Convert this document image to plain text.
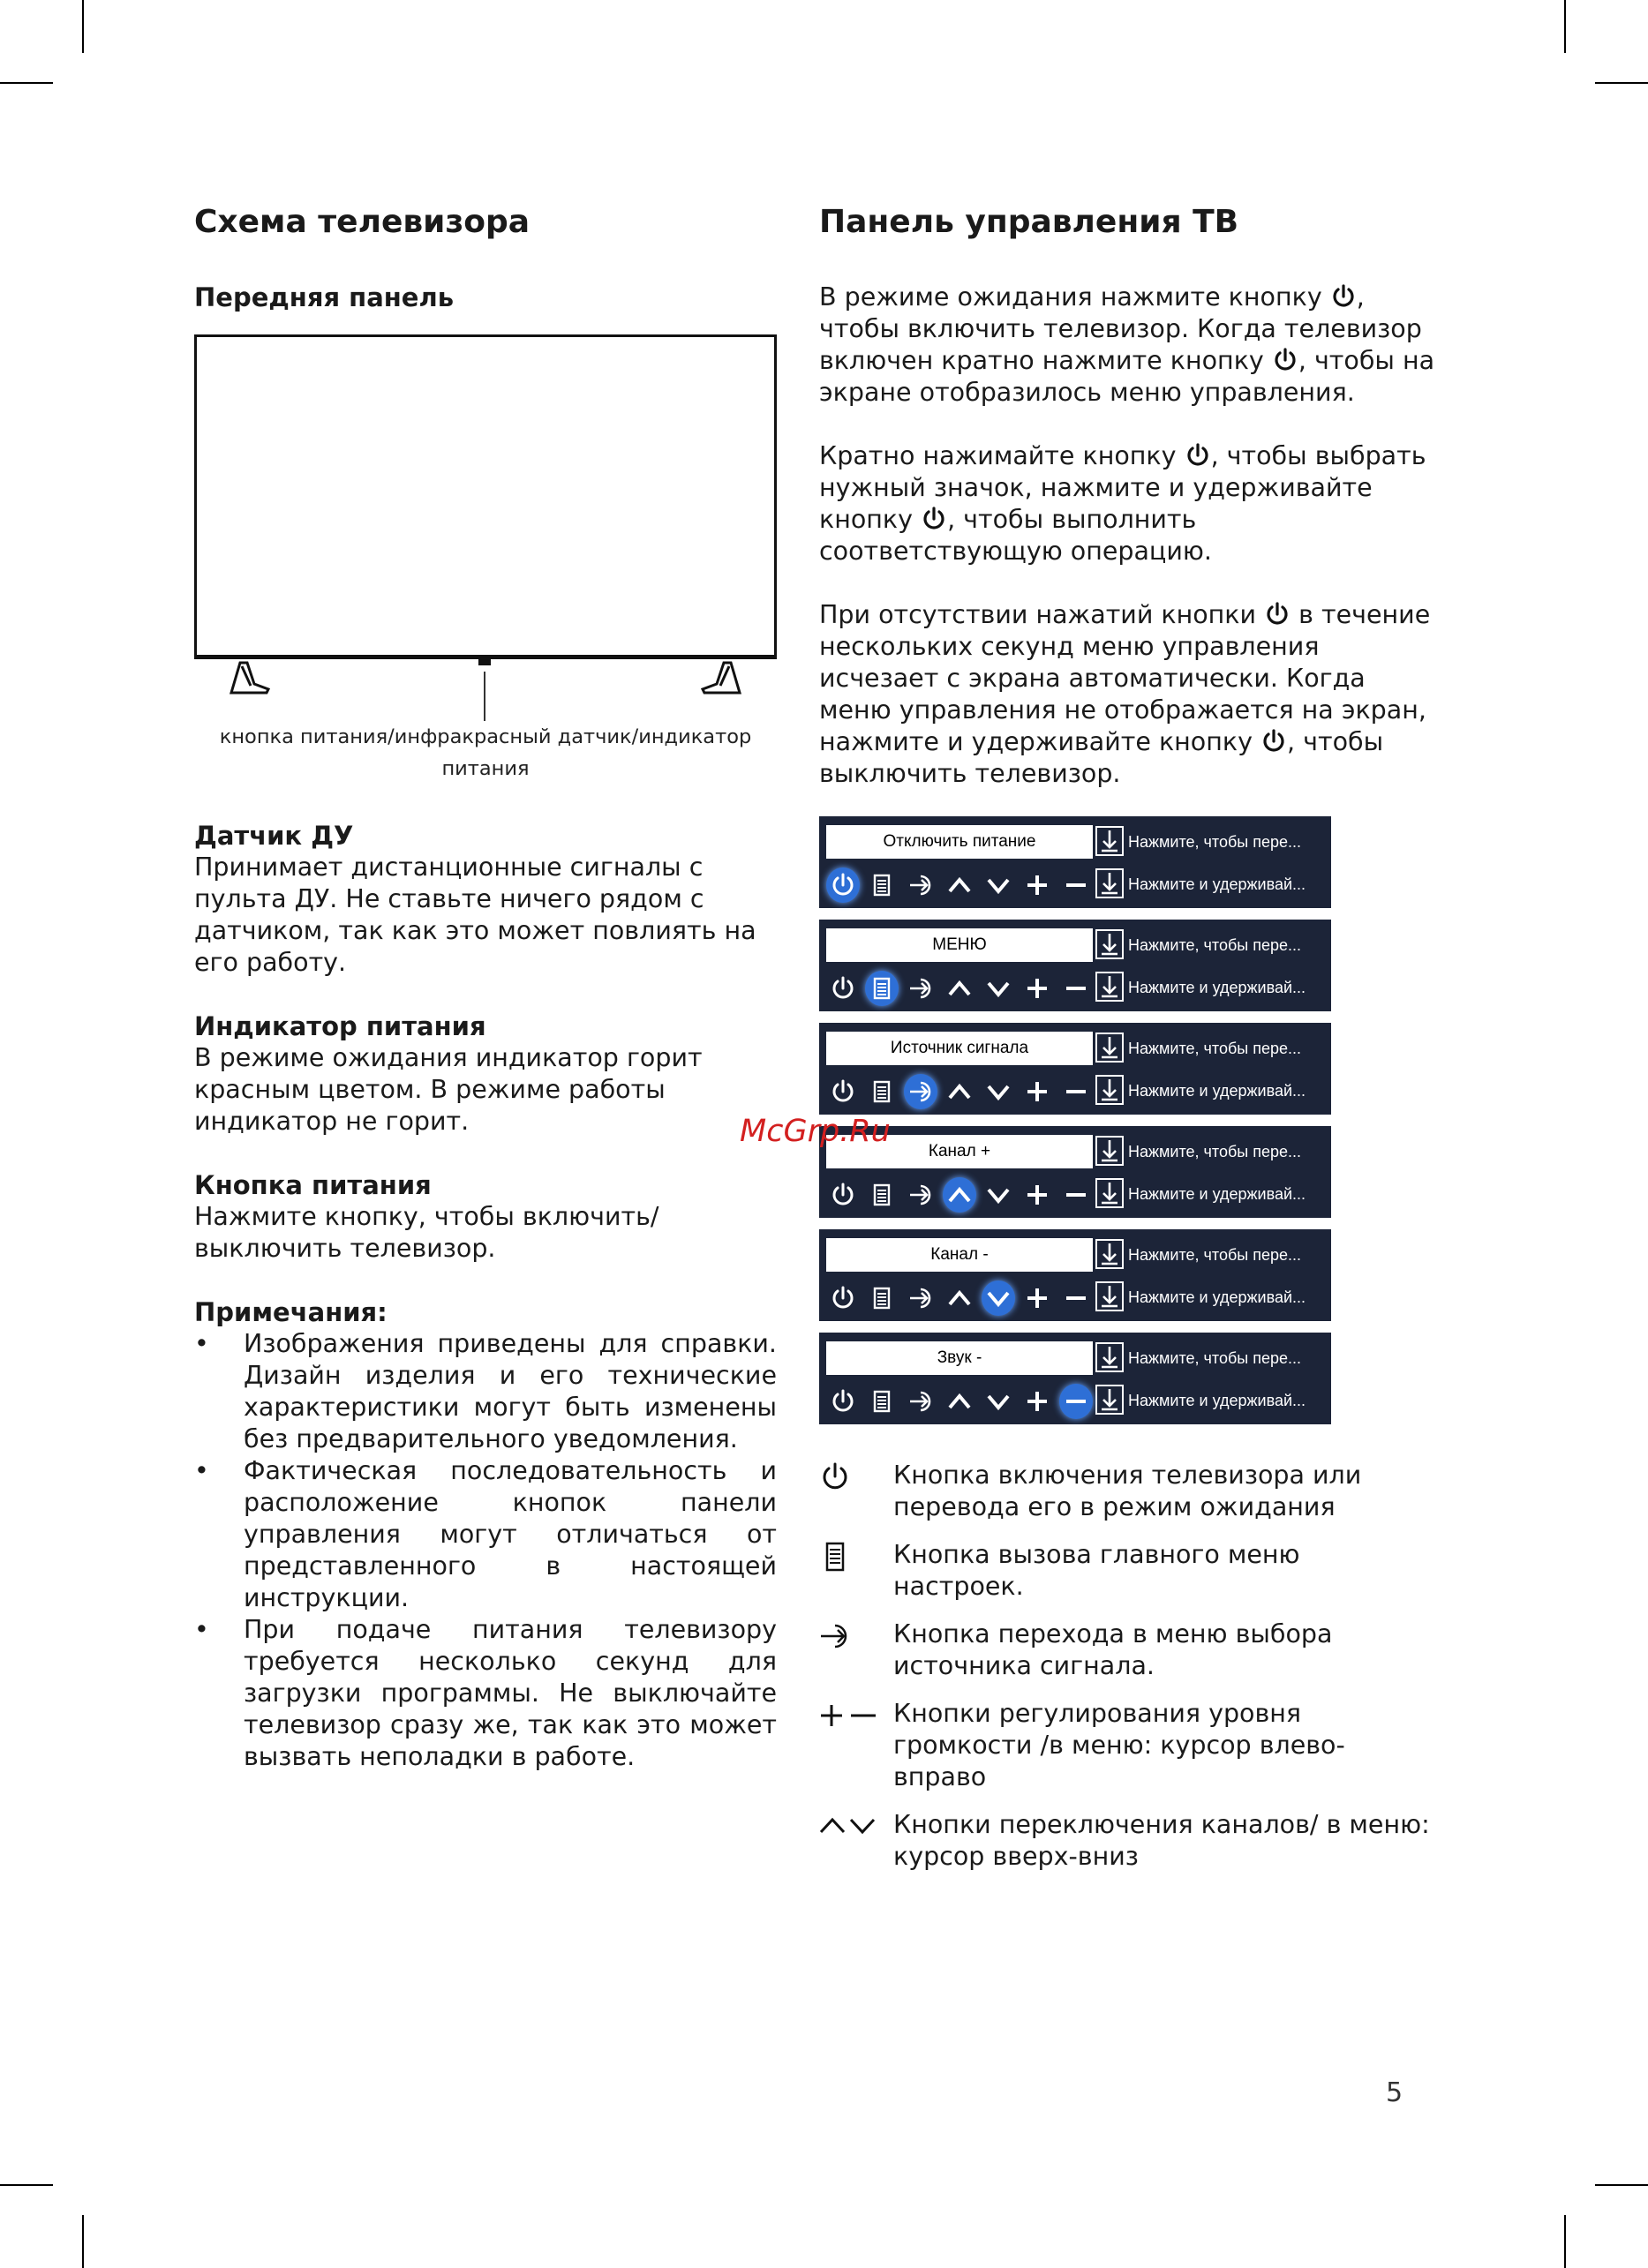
Схема телевизора
Передняя панель
кнопка питания/инфракрасный датчик/индикатор питания
Датчик ДУ

Принимает дистанционные сигналы с пульта ДУ. Не ставьте ничего рядом с датчиком, так как это может повлиять на его работу.

Индикатор питания

В режиме ожидания индикатор горит красным цветом. В режиме работы индикатор не горит.

Кнопка питания

Нажмите кнопку, чтобы включить/выключить телевизор.

Примечания:
• Изображения приведены для справки. Дизайн изделия и его технические характеристики могут быть изменены без предварительного уведомления.
• Фактическая последовательность и расположение кнопок панели управления могут отличаться от представленного в настоящей инструкции.
• При подаче питания телевизору требуется несколько секунд для загрузки программы. Не выключайте телевизор сразу же, так как это может вызвать неполадки в работе.
Панель управления ТВ

В режиме ожидания нажмите кнопку , чтобы включить телевизор. Когда телевизор включен кратно нажмите кнопку , чтобы на экране отобразилось меню управления.

Кратно нажимайте кнопку , чтобы выбрать нужный значок, нажмите и удерживайте кнопку , чтобы выполнить соответствующую операцию.

При отсутствии нажатий кнопки  в течение нескольких секунд меню управления исчезает с экрана автоматически. Когда меню управления не отображается на экран, нажмите и удерживайте кнопку , чтобы выключить телевизор.

Отключить питание	Нажмите, чтобы пере...
Нажмите и удерживай...
МЕНЮ	Нажмите, чтобы пере...
Нажмите и удерживай...
Источник сигнала	Нажмите, чтобы пере...
Нажмите и удерживай...
Канал +	Нажмите, чтобы пере...
Нажмите и удерживай...
Канал -	Нажмите, чтобы пере...
Нажмите и удерживай...
Звук -	Нажмите, чтобы пере...
Нажмите и удерживай...

Кнопка включения телевизора или перевода его в режим ожидания

Кнопка вызова главного меню настроек.

Кнопка перехода в меню выбора источника сигнала.

Кнопки регулирования уровня громкости /в меню: курсор влево-вправо

Кнопки переключения каналов/ в меню: курсор вверх-вниз

McGrp.Ru
5
